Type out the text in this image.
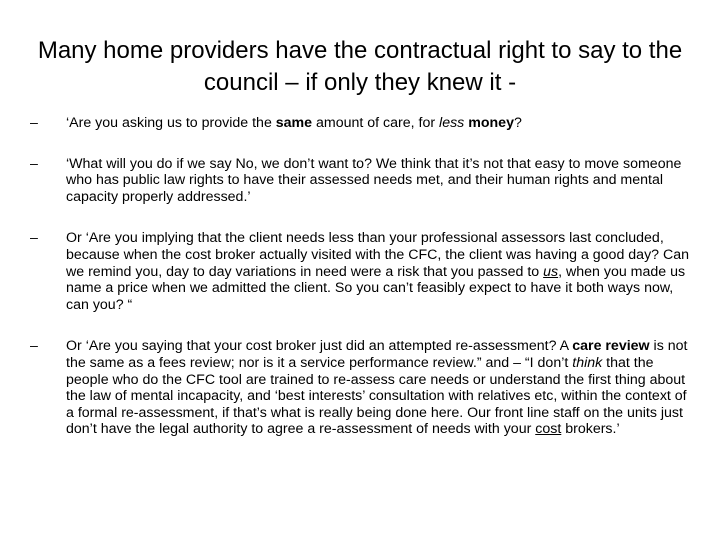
Many home providers have the contractual right to say to the council – if only they knew it -
– ‘Are you asking us to provide the same amount of care, for less money?
– ‘What will you do if we say No, we don’t want to? We think that it’s not that easy to move someone who has public law rights to have their assessed needs met, and their human rights and mental capacity properly addressed.’
– Or ‘Are you implying that the client needs less than your professional assessors last concluded, because when the cost broker actually visited with the CFC, the client was having a good day? Can we remind you, day to day variations in need were a risk that you passed to us, when you made us name a price when we admitted the client. So you can’t feasibly expect to have it both ways now, can you? “
– Or ‘Are you saying that your cost broker just did an attempted re-assessment? A care review is not the same as a fees review; nor is it a service performance review.” and – “I don’t think that the people who do the CFC tool are trained to re-assess care needs or understand the first thing about the law of mental incapacity, and ‘best interests’ consultation with relatives etc, within the context of a formal re-assessment, if that’s what is really being done here. Our front line staff on the units just don’t have the legal authority to agree a re-assessment of needs with your cost brokers.’
